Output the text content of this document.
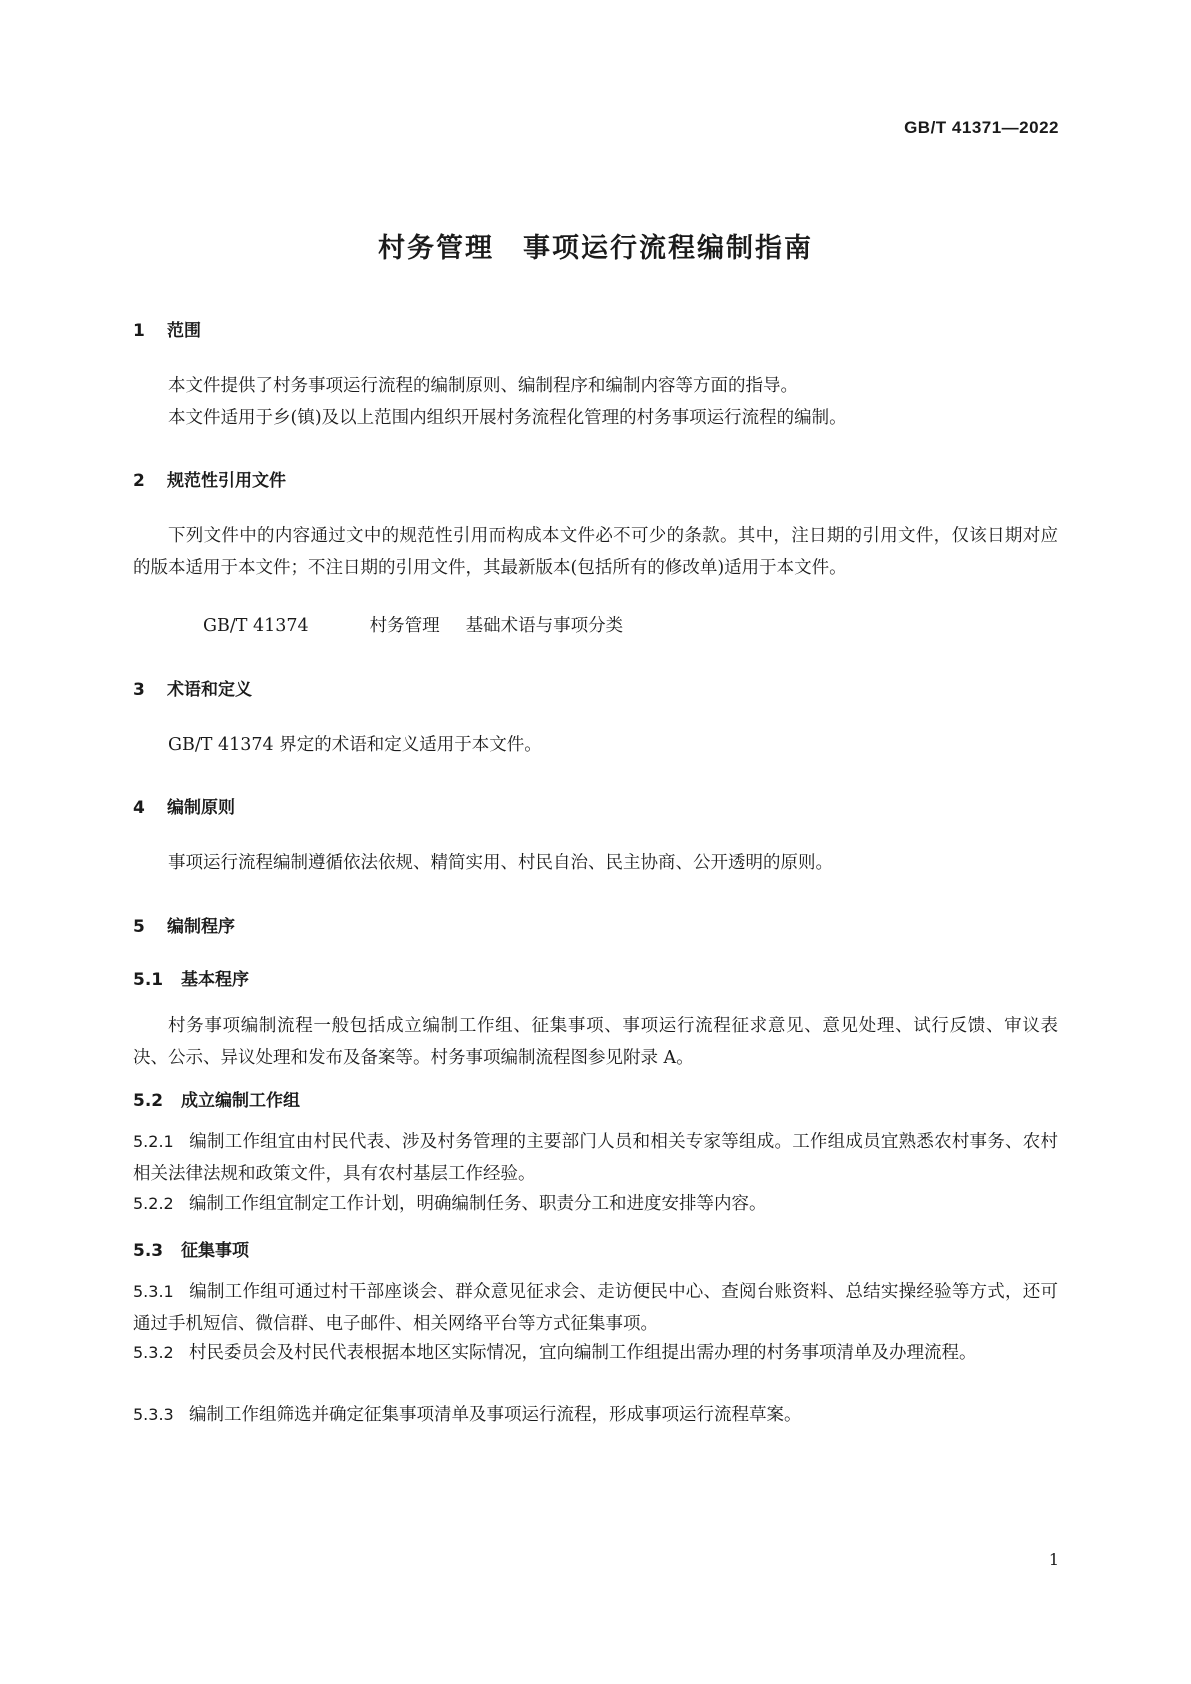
GB/T 41371—2022
村务管理　事项运行流程编制指南
1 范围
本文件提供了村务事项运行流程的编制原则、编制程序和编制内容等方面的指导。
本文件适用于乡(镇)及以上范围内组织开展村务流程化管理的村务事项运行流程的编制。
2 规范性引用文件
下列文件中的内容通过文中的规范性引用而构成本文件必不可少的条款。其中，注日期的引用文件，仅该日期对应的版本适用于本文件；不注日期的引用文件，其最新版本(包括所有的修改单)适用于本文件。
GB/T 41374	村务管理 基础术语与事项分类
3 术语和定义
GB/T 41374 界定的术语和定义适用于本文件。
4 编制原则
事项运行流程编制遵循依法依规、精简实用、村民自治、民主协商、公开透明的原则。
5 编制程序
5.1 基本程序
村务事项编制流程一般包括成立编制工作组、征集事项、事项运行流程征求意见、意见处理、试行反馈、审议表决、公示、异议处理和发布及备案等。村务事项编制流程图参见附录 A。
5.2 成立编制工作组
5.2.1 编制工作组宜由村民代表、涉及村务管理的主要部门人员和相关专家等组成。工作组成员宜熟悉农村事务、农村相关法律法规和政策文件，具有农村基层工作经验。
5.2.2 编制工作组宜制定工作计划，明确编制任务、职责分工和进度安排等内容。
5.3 征集事项
5.3.1 编制工作组可通过村干部座谈会、群众意见征求会、走访便民中心、查阅台账资料、总结实操经验等方式，还可通过手机短信、微信群、电子邮件、相关网络平台等方式征集事项。
5.3.2 村民委员会及村民代表根据本地区实际情况，宜向编制工作组提出需办理的村务事项清单及办理流程。
5.3.3 编制工作组筛选并确定征集事项清单及事项运行流程，形成事项运行流程草案。
1
